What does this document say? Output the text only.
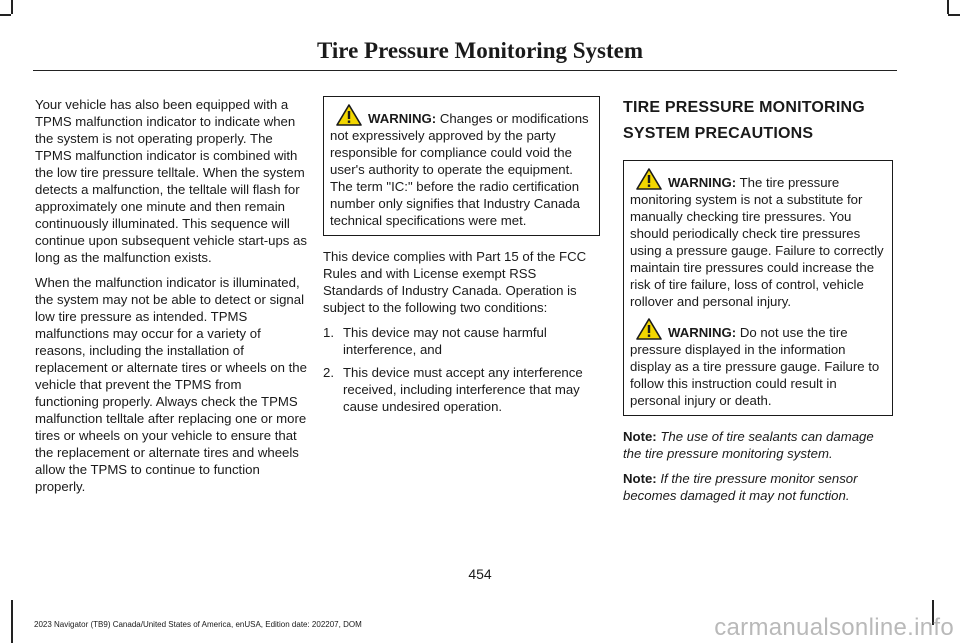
Tire Pressure Monitoring System

Your vehicle has also been equipped with a TPMS malfunction indicator to indicate when the system is not operating properly. The TPMS malfunction indicator is combined with the low tire pressure telltale. When the system detects a malfunction, the telltale will flash for approximately one minute and then remain continuously illuminated. This sequence will continue upon subsequent vehicle start-ups as long as the malfunction exists.

When the malfunction indicator is illuminated, the system may not be able to detect or signal low tire pressure as intended. TPMS malfunctions may occur for a variety of reasons, including the installation of replacement or alternate tires or wheels on the vehicle that prevent the TPMS from functioning properly. Always check the TPMS malfunction telltale after replacing one or more tires or wheels on your vehicle to ensure that the replacement or alternate tires and wheels allow the TPMS to continue to function properly.

WARNING: Changes or modifications not expressively approved by the party responsible for compliance could void the user's authority to operate the equipment. The term "IC:" before the radio certification number only signifies that Industry Canada technical specifications were met.

This device complies with Part 15 of the FCC Rules and with License exempt RSS Standards of Industry Canada. Operation is subject to the following two conditions:

1. This device may not cause harmful interference, and
2. This device must accept any interference received, including interference that may cause undesired operation.
TIRE PRESSURE MONITORING
SYSTEM PRECAUTIONS

WARNING: The tire pressure monitoring system is not a substitute for manually checking tire pressures. You should periodically check tire pressures using a pressure gauge. Failure to correctly maintain tire pressures could increase the risk of tire failure, loss of control, vehicle rollover and personal injury.

WARNING: Do not use the tire pressure displayed in the information display as a tire pressure gauge. Failure to follow this instruction could result in personal injury or death.

Note: The use of tire sealants can damage the tire pressure monitoring system.

Note: If the tire pressure monitor sensor becomes damaged it may not function.

454
2023 Navigator (TB9) Canada/United States of America, enUSA, Edition date: 202207, DOM	carmanualsonline.info
